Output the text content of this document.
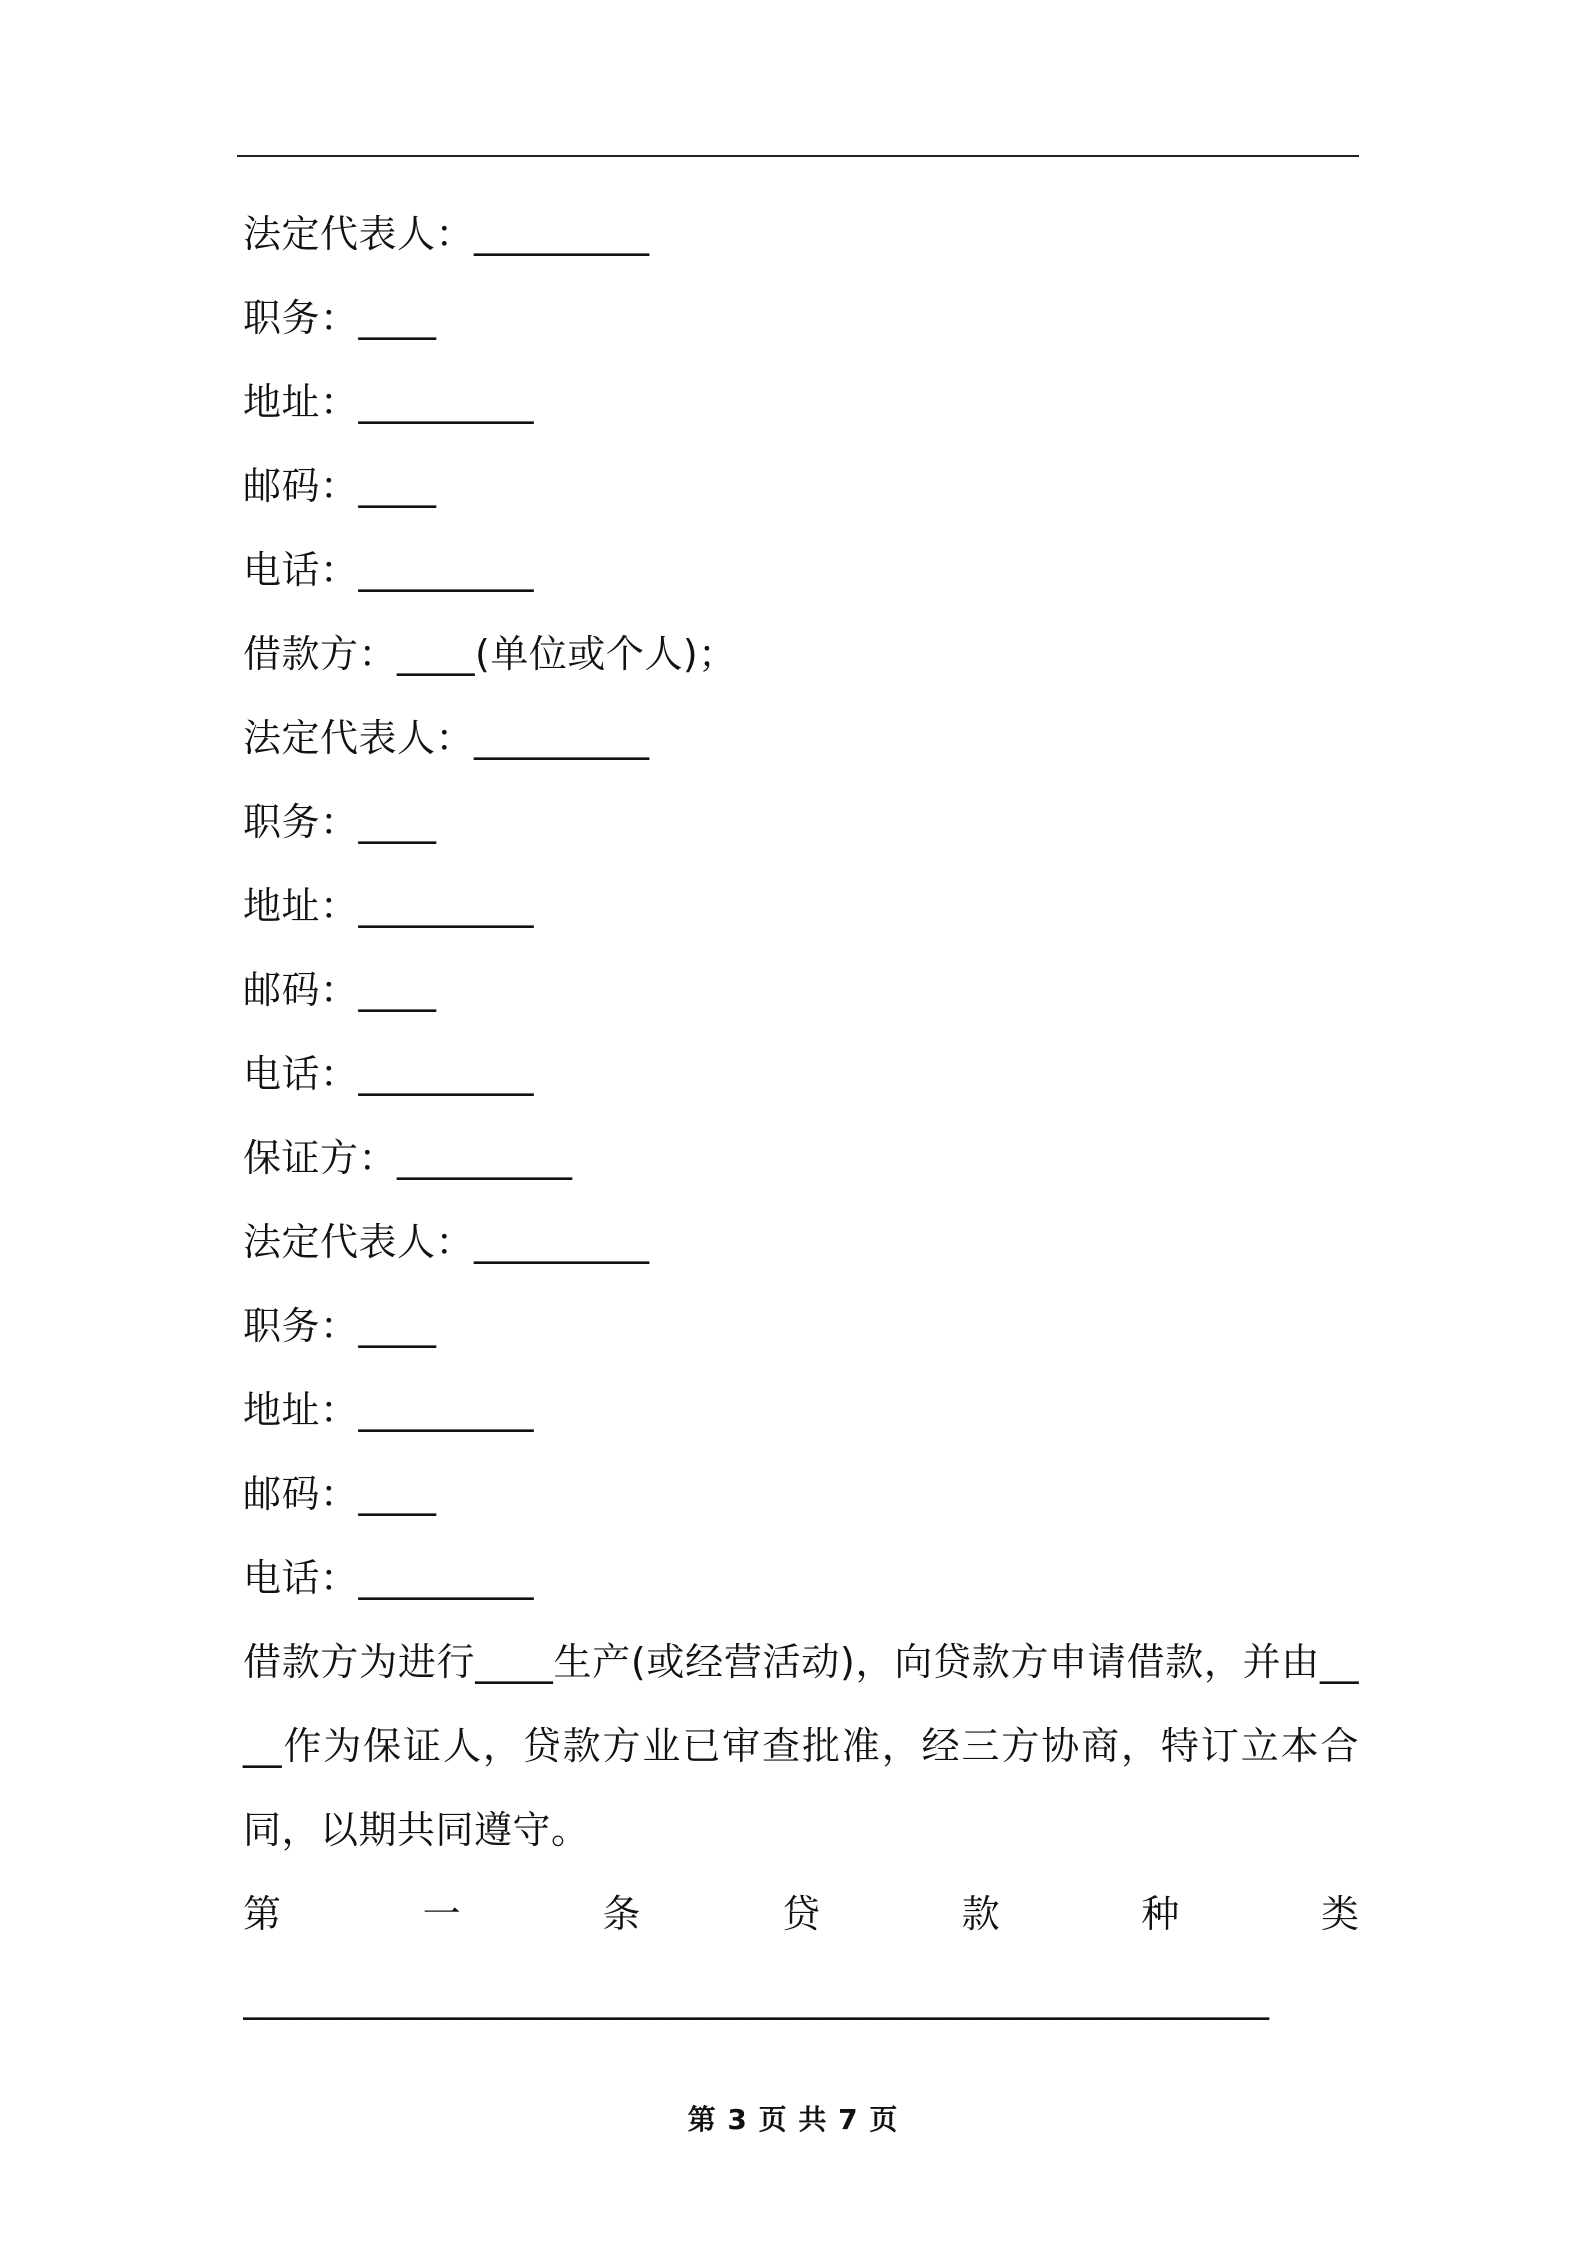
法定代表人：_________
职务：____
地址：_________
邮码：____
电话：_________
借款方：____(单位或个人)；
法定代表人：_________
职务：____
地址：_________
邮码：____
电话：_________
保证方：_________
法定代表人：_________
职务：____
地址：_________
邮码：____
电话：_________
借款方为进行____生产(或经营活动)，向贷款方申请借款，并由____作为保证人，贷款方业已审查批准，经三方协商，特订立本合同，以期共同遵守。
第	一	条	贷	款	种	类
______________________________________________________
第 3 页 共 7 页
